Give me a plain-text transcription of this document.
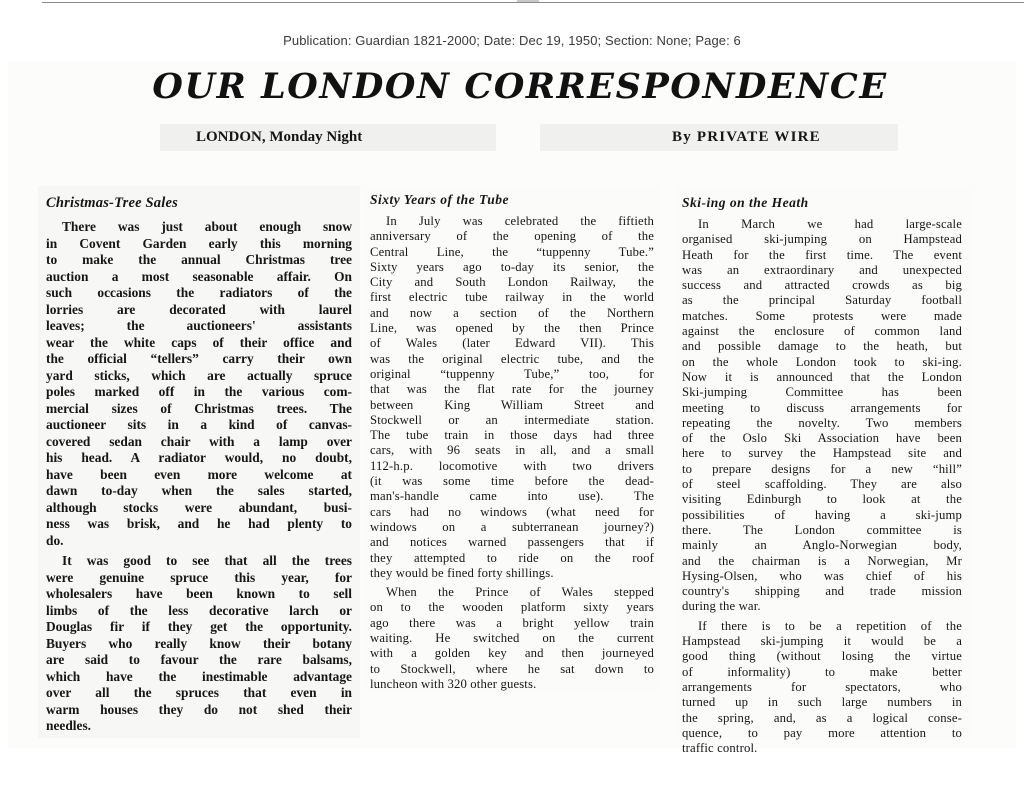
Publication: Guardian 1821-2000; Date: Dec 19, 1950; Section: None; Page: 6
OUR LONDON CORRESPONDENCE
LONDON, Monday Night	By PRIVATE WIRE
Christmas-Tree Sales
There was just about enough snow
in Covent Garden early this morning
to make the annual Christmas tree
auction a most seasonable affair. On
such occasions the radiators of the
lorries are decorated with laurel
leaves; the auctioneers' assistants
wear the white caps of their office and
the official “tellers” carry their own
yard sticks, which are actually spruce
poles marked off in the various com-
mercial sizes of Christmas trees. The
auctioneer sits in a kind of canvas-
covered sedan chair with a lamp over
his head. A radiator would, no doubt,
have been even more welcome at
dawn to-day when the sales started,
although stocks were abundant, busi-
ness was brisk, and he had plenty to
do.
It was good to see that all the trees
were genuine spruce this year, for
wholesalers have been known to sell
limbs of the less decorative larch or
Douglas fir if they get the opportunity.
Buyers who really know their botany
are said to favour the rare balsams,
which have the inestimable advantage
over all the spruces that even in
warm houses they do not shed their
needles.
Sixty Years of the Tube
In July was celebrated the fiftieth
anniversary of the opening of the
Central Line, the “tuppenny Tube.”
Sixty years ago to-day its senior, the
City and South London Railway, the
first electric tube railway in the world
and now a section of the Northern
Line, was opened by the then Prince
of Wales (later Edward VII). This
was the original electric tube, and the
original “tuppenny Tube,” too, for
that was the flat rate for the journey
between King William Street and
Stockwell or an intermediate station.
The tube train in those days had three
cars, with 96 seats in all, and a small
112-h.p. locomotive with two drivers
(it was some time before the dead-
man's-handle came into use). The
cars had no windows (what need for
windows on a subterranean journey?)
and notices warned passengers that if
they attempted to ride on the roof
they would be fined forty shillings.
When the Prince of Wales stepped
on to the wooden platform sixty years
ago there was a bright yellow train
waiting. He switched on the current
with a golden key and then journeyed
to Stockwell, where he sat down to
luncheon with 320 other guests.
Ski-ing on the Heath
In March we had large-scale
organised ski-jumping on Hampstead
Heath for the first time. The event
was an extraordinary and unexpected
success and attracted crowds as big
as the principal Saturday football
matches. Some protests were made
against the enclosure of common land
and possible damage to the heath, but
on the whole London took to ski-ing.
Now it is announced that the London
Ski-jumping Committee has been
meeting to discuss arrangements for
repeating the novelty. Two members
of the Oslo Ski Association have been
here to survey the Hampstead site and
to prepare designs for a new “hill”
of steel scaffolding. They are also
visiting Edinburgh to look at the
possibilities of having a ski-jump
there. The London committee is
mainly an Anglo-Norwegian body,
and the chairman is a Norwegian, Mr
Hysing-Olsen, who was chief of his
country's shipping and trade mission
during the war.
If there is to be a repetition of the
Hampstead ski-jumping it would be a
good thing (without losing the virtue
of informality) to make better
arrangements for spectators, who
turned up in such large numbers in
the spring, and, as a logical conse-
quence, to pay more attention to
traffic control.
